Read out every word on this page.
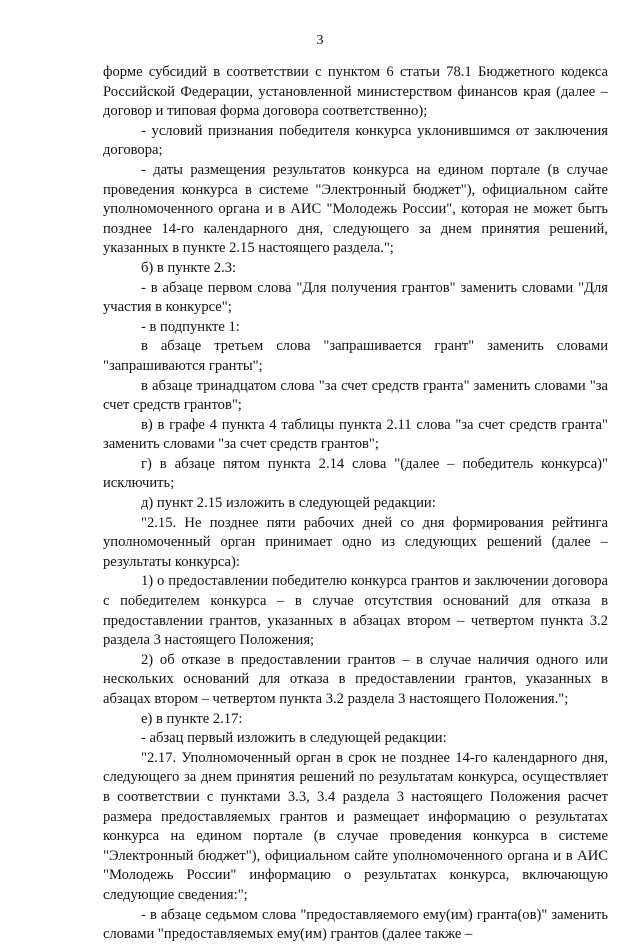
3

форме субсидий в соответствии с пунктом 6 статьи 78.1 Бюджетного кодекса Российской Федерации, установленной министерством финансов края (далее – договор и типовая форма договора соответственно);

- условий признания победителя конкурса уклонившимся от заключения договора;

- даты размещения результатов конкурса на едином портале (в случае проведения конкурса в системе "Электронный бюджет"), официальном сайте уполномоченного органа и в АИС "Молодежь России", которая не может быть позднее 14-го календарного дня, следующего за днем принятия решений, указанных в пункте 2.15 настоящего раздела.";

б) в пункте 2.3:

- в абзаце первом слова "Для получения грантов" заменить словами "Для участия в конкурсе";

- в подпункте 1:

в абзаце третьем слова "запрашивается грант" заменить словами "запрашиваются гранты";

в абзаце тринадцатом слова "за счет средств гранта" заменить словами "за счет средств грантов";

в) в графе 4 пункта 4 таблицы пункта 2.11 слова "за счет средств гранта" заменить словами "за счет средств грантов";

г) в абзаце пятом пункта 2.14 слова "(далее – победитель конкурса)" исключить;

д) пункт 2.15 изложить в следующей редакции:

"2.15. Не позднее пяти рабочих дней со дня формирования рейтинга уполномоченный орган принимает одно из следующих решений (далее – результаты конкурса):

1) о предоставлении победителю конкурса грантов и заключении договора с победителем конкурса – в случае отсутствия оснований для отказа в предоставлении грантов, указанных в абзацах втором – четвертом пункта 3.2 раздела 3 настоящего Положения;

2) об отказе в предоставлении грантов – в случае наличия одного или нескольких оснований для отказа в предоставлении грантов, указанных в абзацах втором – четвертом пункта 3.2 раздела 3 настоящего Положения.";

е) в пункте 2.17:

- абзац первый изложить в следующей редакции:

"2.17. Уполномоченный орган в срок не позднее 14-го календарного дня, следующего за днем принятия решений по результатам конкурса, осуществляет в соответствии с пунктами 3.3, 3.4 раздела 3 настоящего Положения расчет размера предоставляемых грантов и размещает информацию о результатах конкурса на едином портале (в случае проведения конкурса в системе "Электронный бюджет"), официальном сайте уполномоченного органа и в АИС "Молодежь России" информацию о результатах конкурса, включающую следующие сведения:";

- в абзаце седьмом слова "предоставляемого ему(им) гранта(ов)" заменить словами "предоставляемых ему(им) грантов (далее также –
